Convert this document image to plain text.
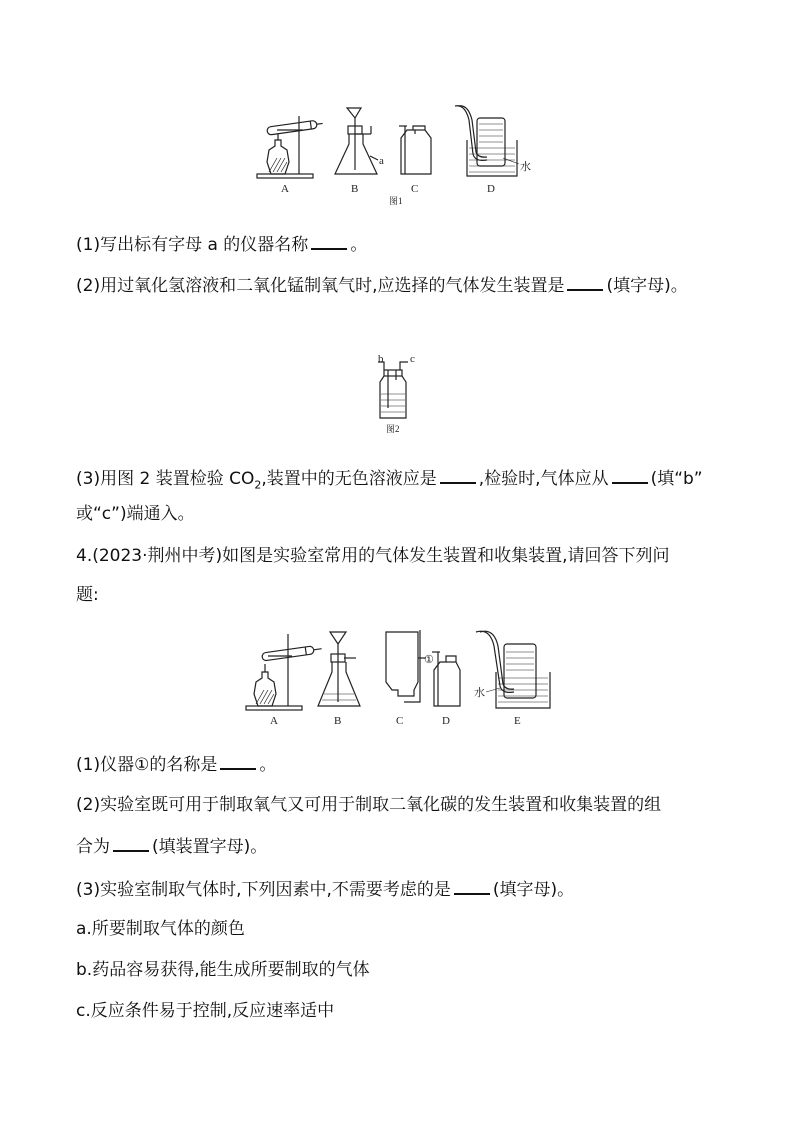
a	水
A	B	C	D
图1
(1)写出标有字母 a 的仪器名称 。
(2)用过氧化氢溶液和二氧化锰制氧气时,应选择的气体发生装置是 (填字母)。
b c
图2
(3)用图 2 装置检验 $CO_2$,装置中的无色溶液应是 ,检验时,气体应从 (填“b”
或“c”)端通入。
4.(2023·荆州中考)如图是实验室常用的气体发生装置和收集装置,请回答下列问
题:
①
水
A	B	C	D	E
(1)仪器①的名称是 。
(2)实验室既可用于制取氧气又可用于制取二氧化碳的发生装置和收集装置的组
合为 (填装置字母)。
(3)实验室制取气体时,下列因素中,不需要考虑的是 (填字母)。
a.所要制取气体的颜色
b.药品容易获得,能生成所要制取的气体
c.反应条件易于控制,反应速率适中
